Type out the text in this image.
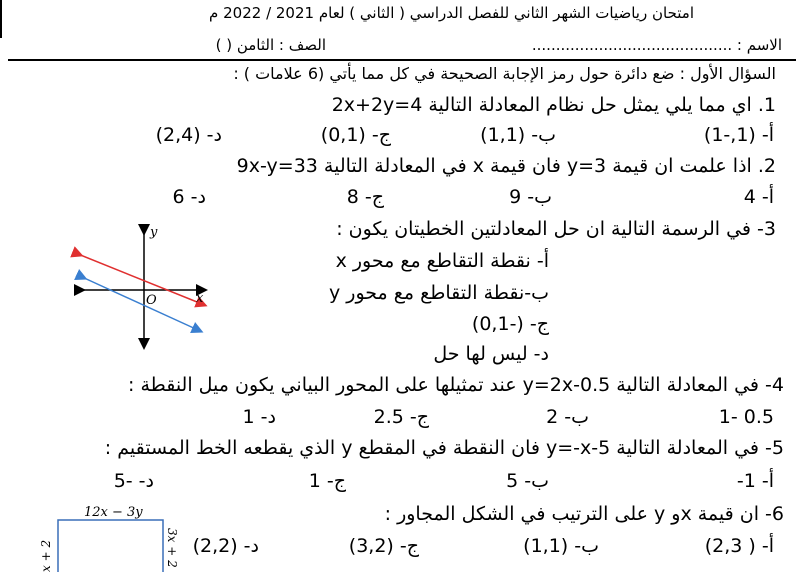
امتحان رياضيات الشهر الثاني للفصل الدراسي ( الثاني ) لعام 2021 / 2022 م
الاسم : ..........................................
الصف : الثامن ( )
السؤال الأول : ضع دائرة حول رمز الإجابة الصحيحة في كل مما يأتي (6 علامات ) :
1. اي مما يلي يمثل حل نظام المعادلة التالية 2x+2y=4
أ- (1,-1)
ب- (1,1)
ج- (0,1)
د- (2,4)
2. اذا علمت ان قيمة y=3 فان قيمة x في المعادلة التالية 9x-y=33
أ- 4
ب- 9
ج- 8
د- 6
3- في الرسمة التالية ان حل المعادلتين الخطيتان يكون :
أ- نقطة التقاطع مع محور x
ب-نقطة التقاطع مع محور y
ج- (-0,1)
د- ليس لها حل
y
x
O
4- في المعادلة التالية y=2x-0.5 عند تمثيلها على المحور البياني يكون ميل النقطة :
1- 0.5
ب- 2
ج- 2.5
د- 1
5- في المعادلة التالية y=-x-5 فان النقطة في المقطع y الذي يقطعه الخط المستقيم :
أ- 1-
ب- 5
ج- 1
د- -5
6- ان قيمة xو y على الترتيب في الشكل المجاور :
أ- ( 2,3)
ب- (1,1)
ج- (3,2)
د- (2,2)
12x − 3y
x + 2	3x + 2
